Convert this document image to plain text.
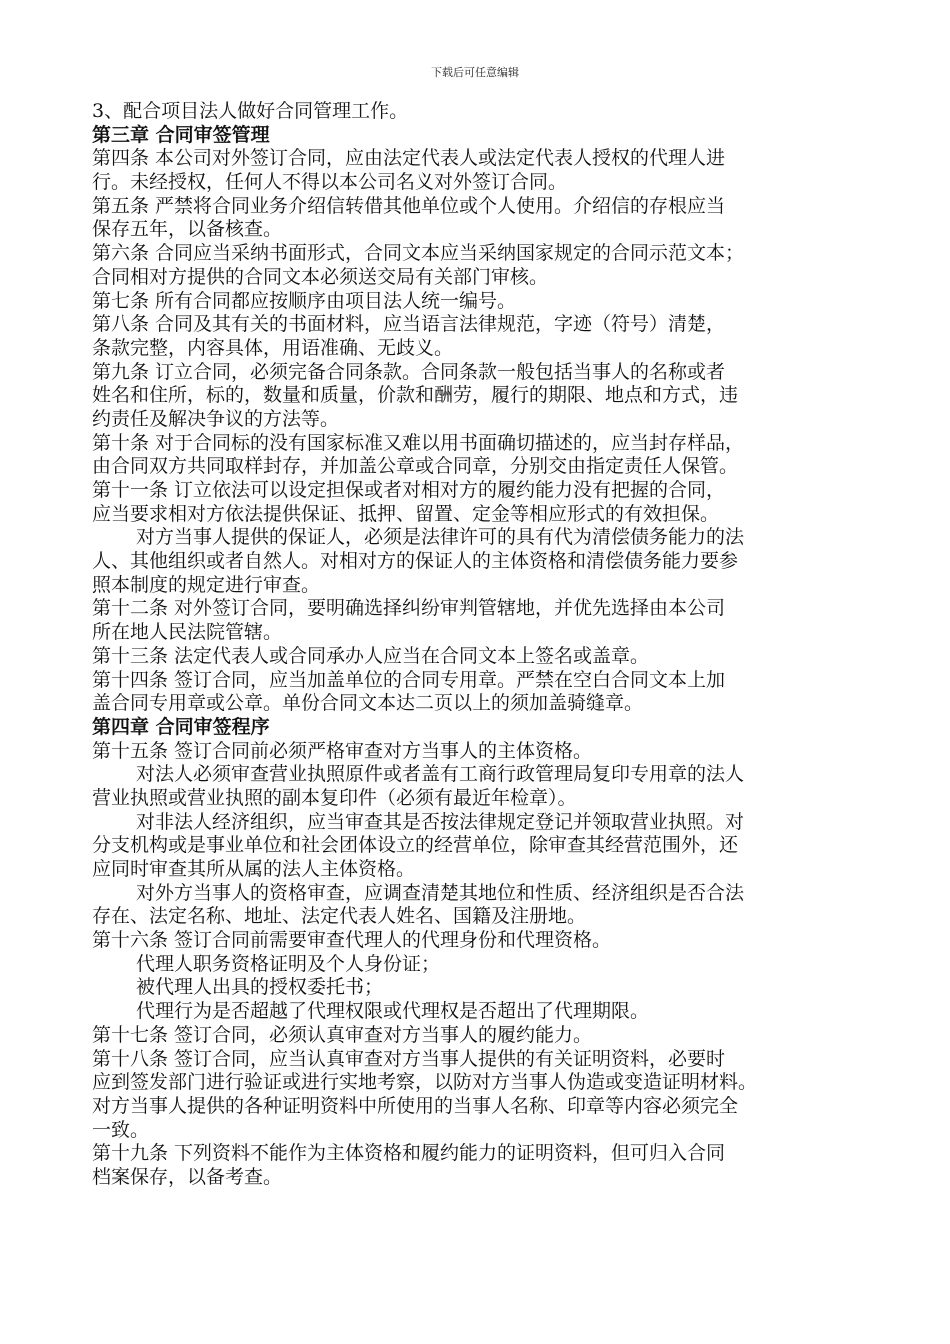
下载后可任意编辑
3、配合项目法人做好合同管理工作。
第三章 合同审签管理
第四条 本公司对外签订合同，应由法定代表人或法定代表人授权的代理人进
行。未经授权，任何人不得以本公司名义对外签订合同。
第五条 严禁将合同业务介绍信转借其他单位或个人使用。介绍信的存根应当
保存五年，以备核查。
第六条 合同应当采纳书面形式，合同文本应当采纳国家规定的合同示范文本；
合同相对方提供的合同文本必须送交局有关部门审核。
第七条 所有合同都应按顺序由项目法人统一编号。
第八条 合同及其有关的书面材料，应当语言法律规范，字迹（符号）清楚，
条款完整，内容具体，用语准确、无歧义。
第九条 订立合同，必须完备合同条款。合同条款一般包括当事人的名称或者
姓名和住所，标的，数量和质量，价款和酬劳，履行的期限、地点和方式，违
约责任及解决争议的方法等。
第十条 对于合同标的没有国家标准又难以用书面确切描述的，应当封存样品，
由合同双方共同取样封存，并加盖公章或合同章，分别交由指定责任人保管。
第十一条 订立依法可以设定担保或者对相对方的履约能力没有把握的合同，
应当要求相对方依法提供保证、抵押、留置、定金等相应形式的有效担保。
对方当事人提供的保证人，必须是法律许可的具有代为清偿债务能力的法
人、其他组织或者自然人。对相对方的保证人的主体资格和清偿债务能力要参
照本制度的规定进行审查。
第十二条 对外签订合同，要明确选择纠纷审判管辖地，并优先选择由本公司
所在地人民法院管辖。
第十三条 法定代表人或合同承办人应当在合同文本上签名或盖章。
第十四条 签订合同，应当加盖单位的合同专用章。严禁在空白合同文本上加
盖合同专用章或公章。单份合同文本达二页以上的须加盖骑缝章。
第四章 合同审签程序
第十五条 签订合同前必须严格审查对方当事人的主体资格。
对法人必须审查营业执照原件或者盖有工商行政管理局复印专用章的法人
营业执照或营业执照的副本复印件（必须有最近年检章）。
对非法人经济组织，应当审查其是否按法律规定登记并领取营业执照。对
分支机构或是事业单位和社会团体设立的经营单位，除审查其经营范围外，还
应同时审查其所从属的法人主体资格。
对外方当事人的资格审查，应调查清楚其地位和性质、经济组织是否合法
存在、法定名称、地址、法定代表人姓名、国籍及注册地。
第十六条 签订合同前需要审查代理人的代理身份和代理资格。
代理人职务资格证明及个人身份证；
被代理人出具的授权委托书；
代理行为是否超越了代理权限或代理权是否超出了代理期限。
第十七条 签订合同，必须认真审查对方当事人的履约能力。
第十八条 签订合同，应当认真审查对方当事人提供的有关证明资料，必要时
应到签发部门进行验证或进行实地考察，以防对方当事人伪造或变造证明材料。
对方当事人提供的各种证明资料中所使用的当事人名称、印章等内容必须完全
一致。
第十九条 下列资料不能作为主体资格和履约能力的证明资料，但可归入合同
档案保存，以备考查。
